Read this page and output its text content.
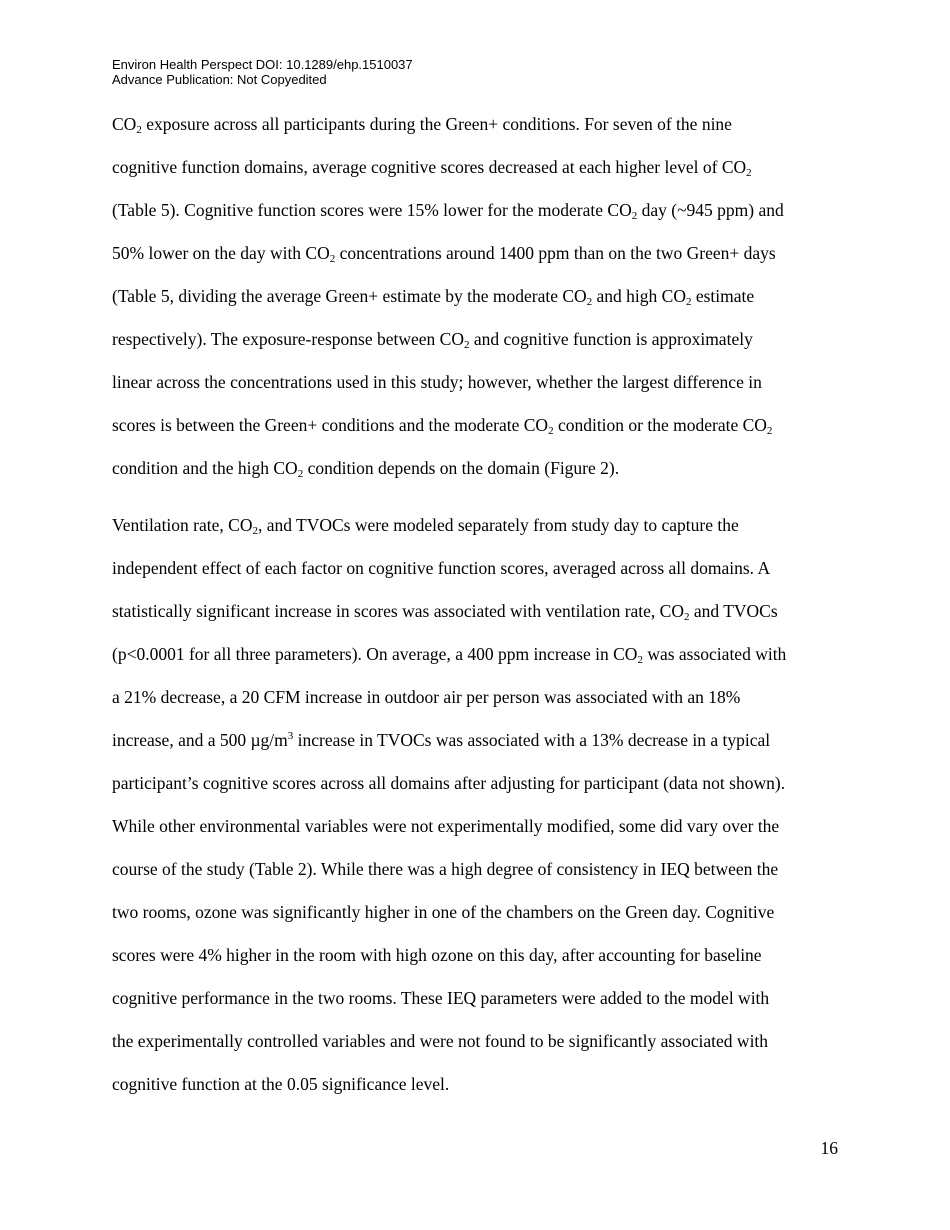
Environ Health Perspect DOI: 10.1289/ehp.1510037
Advance Publication: Not Copyedited
$CO_2$ exposure across all participants during the Green+ conditions. For seven of the nine
cognitive function domains, average cognitive scores decreased at each higher level of $CO_2$
(Table 5). Cognitive function scores were 15% lower for the moderate $CO_2$ day (~945 ppm) and
50% lower on the day with $CO_2$ concentrations around 1400 ppm than on the two Green+ days
(Table 5, dividing the average Green+ estimate by the moderate $CO_2$ and high $CO_2$ estimate
respectively). The exposure-response between $CO_2$ and cognitive function is approximately
linear across the concentrations used in this study; however, whether the largest difference in
scores is between the Green+ conditions and the moderate $CO_2$ condition or the moderate $CO_2$
condition and the high $CO_2$ condition depends on the domain (Figure 2).
Ventilation rate, $CO_2$, and TVOCs were modeled separately from study day to capture the
independent effect of each factor on cognitive function scores, averaged across all domains. A
statistically significant increase in scores was associated with ventilation rate, $CO_2$ and TVOCs
(p<0.0001 for all three parameters). On average, a 400 ppm increase in $CO_2$ was associated with
a 21% decrease, a 20 CFM increase in outdoor air per person was associated with an 18%
increase, and a 500 $\mu g/m^3$ increase in TVOCs was associated with a 13% decrease in a typical
participant’s cognitive scores across all domains after adjusting for participant (data not shown).
While other environmental variables were not experimentally modified, some did vary over the
course of the study (Table 2). While there was a high degree of consistency in IEQ between the
two rooms, ozone was significantly higher in one of the chambers on the Green day. Cognitive
scores were 4% higher in the room with high ozone on this day, after accounting for baseline
cognitive performance in the two rooms. These IEQ parameters were added to the model with
the experimentally controlled variables and were not found to be significantly associated with
cognitive function at the 0.05 significance level.
16
